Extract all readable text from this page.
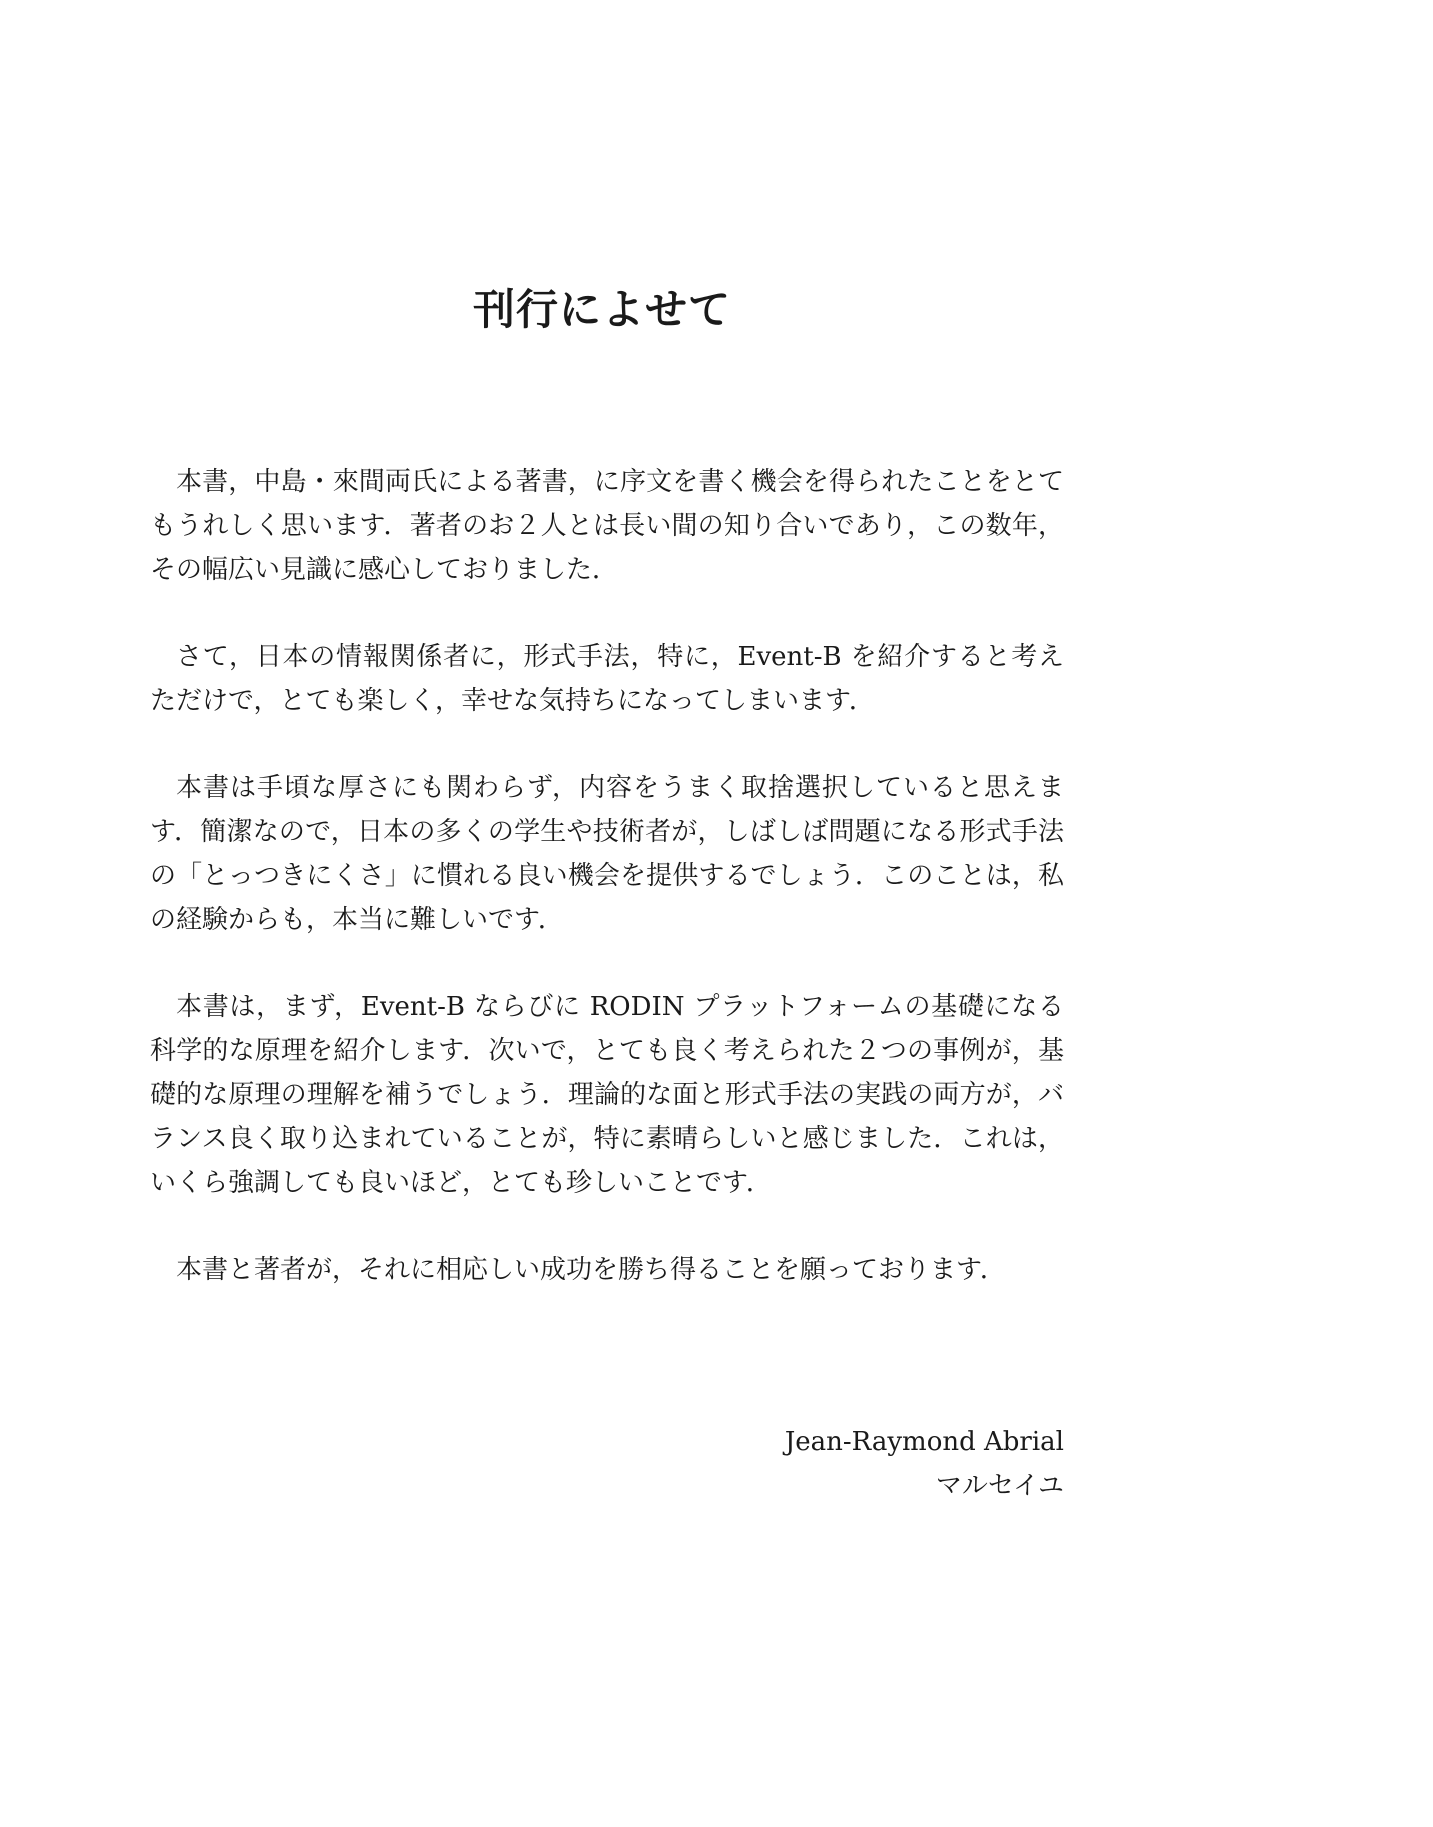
刊行によせて

本書，中島・來間両氏による著書，に序文を書く機会を得られたことをとてもうれしく思います．著者のお２人とは長い間の知り合いであり，この数年，その幅広い見識に感心しておりました．

さて，日本の情報関係者に，形式手法，特に，Event-B を紹介すると考えただけで，とても楽しく，幸せな気持ちになってしまいます．

本書は手頃な厚さにも関わらず，内容をうまく取捨選択していると思えます．簡潔なので，日本の多くの学生や技術者が，しばしば問題になる形式手法の「とっつきにくさ」に慣れる良い機会を提供するでしょう．このことは，私の経験からも，本当に難しいです．

本書は，まず，Event-B ならびに RODIN プラットフォームの基礎になる科学的な原理を紹介します．次いで，とても良く考えられた２つの事例が，基礎的な原理の理解を補うでしょう．理論的な面と形式手法の実践の両方が，バランス良く取り込まれていることが，特に素晴らしいと感じました．これは，いくら強調しても良いほど，とても珍しいことです．

本書と著者が，それに相応しい成功を勝ち得ることを願っております．

Jean-Raymond Abrial
マルセイユ
